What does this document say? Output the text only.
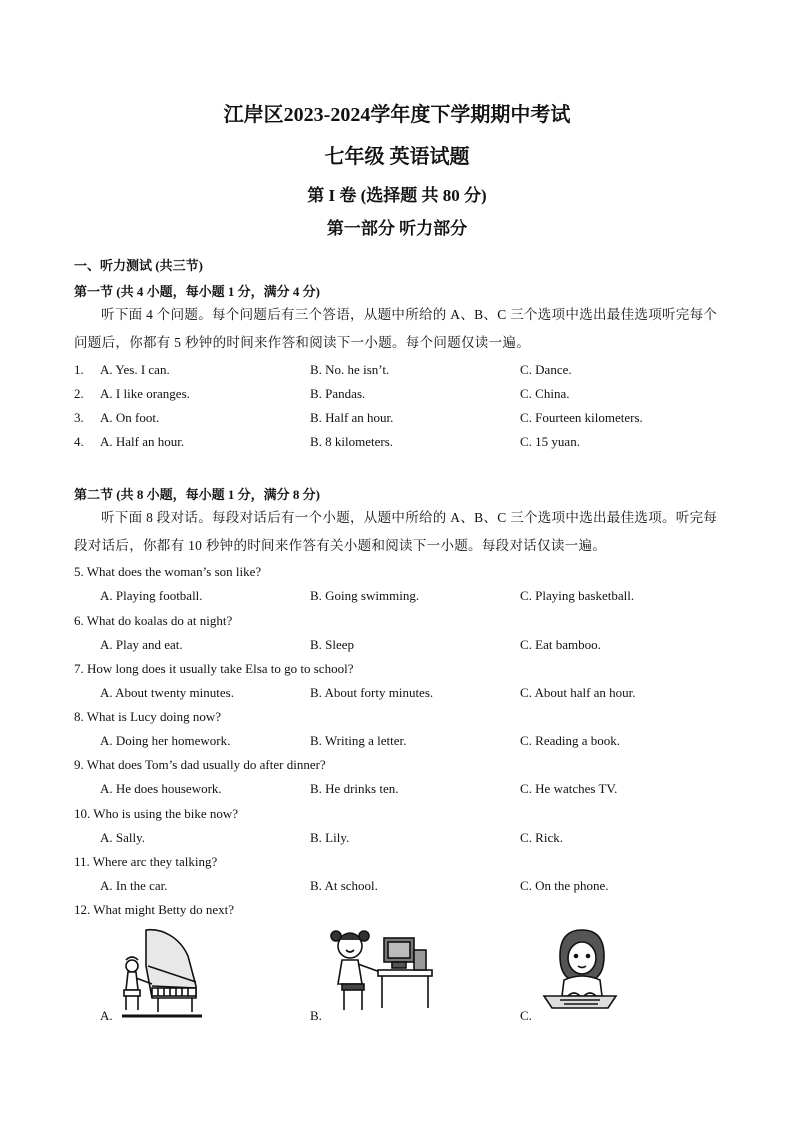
江岸区2023-2024学年度下学期期中考试
七年级 英语试题
第 I 卷 (选择题 共 80 分)
第一部分 听力部分
一、听力测试 (共三节)
第一节 (共 4 小题，每小题 1 分，满分 4 分)
听下面 4 个问题。每个问题后有三个答语，从题中所给的 A、B、C 三个选项中选出最佳选项听完每个问题后，你都有 5 秒钟的时间来作答和阅读下一小题。每个问题仅读一遍。
1. A. Yes. I can.	B. No. he isn’t.	C. Dance.
2. A. I like oranges.	B. Pandas.	C. China.
3. A. On foot.	B. Half an hour.	C. Fourteen kilometers.
4. A. Half an hour.	B. 8 kilometers.	C. 15 yuan.
第二节 (共 8 小题，每小题 1 分，满分 8 分)
听下面 8 段对话。每段对话后有一个小题，从题中所给的 A、B、C 三个选项中选出最佳选项。听完每段对话后，你都有 10 秒钟的时间来作答有关小题和阅读下一小题。每段对话仅读一遍。
5. What does the woman’s son like?
A. Playing football.	B. Going swimming.	C. Playing basketball.
6. What do koalas do at night?
A. Play and eat.	B. Sleep	C. Eat bamboo.
7. How long does it usually take Elsa to go to school?
A. About twenty minutes.	B. About forty minutes.	C. About half an hour.
8. What is Lucy doing now?
A. Doing her homework.	B. Writing a letter.	C. Reading a book.
9. What does Tom’s dad usually do after dinner?
A. He does housework.	B. He drinks ten.	C. He watches TV.
10. Who is using the bike now?
A. Sally.	B. Lily.	C. Rick.
11. Where arc they talking?
A. In the car.	B. At school.	C. On the phone.
12. What might Betty do next?
A.	B.	C.
